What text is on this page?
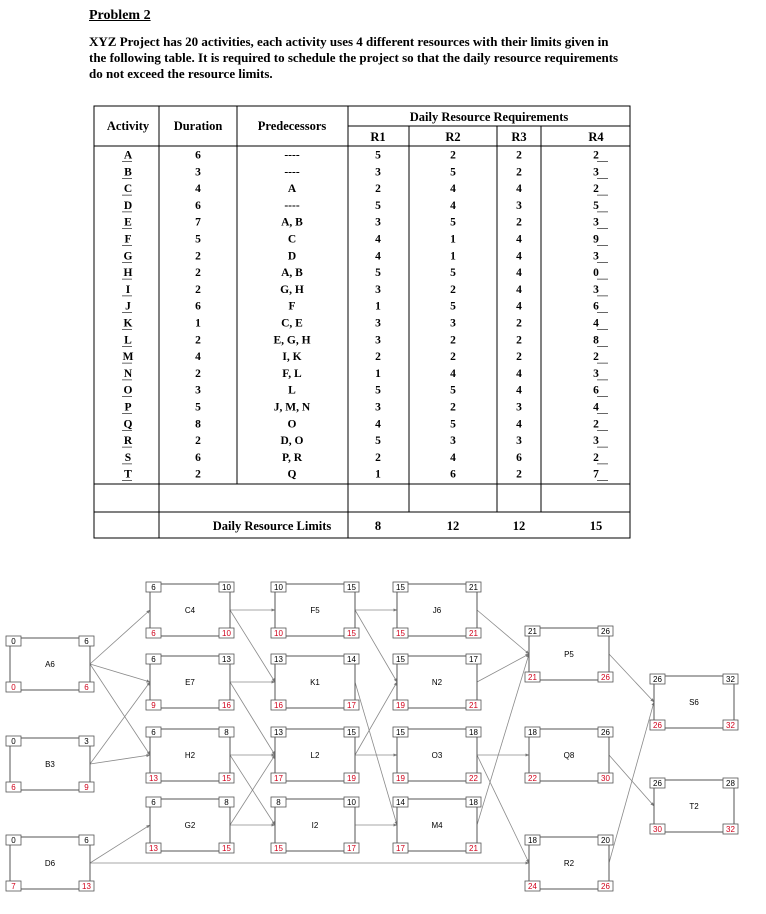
Problem 2

XYZ Project has 20 activities, each activity uses 4 different resources with their limits given in the following table. It is required to schedule the project so that the daily resource requirements do not exceed the resource limits.

Activity Duration	Predecessors
Daily Resource Requirements
R1	R2	R3	R4
A	6	----	5	2	2	2
B	3	----	3	5	2	3
C	4	A	2	4	4	2
D	6	----	5	4	3	5
E	7	A, B	3	5	2	3
F	5	C	4	1	4	9
G	2	D	4	1	4	3
H	2	A, B	5	5	4	0
I	2	G, H	3	2	4	3
J	6	F	1	5	4	6
K	1	C, E	3	3	2	4
L	2	E, G, H	3	2	2	8
M	4	I, K	2	2	2	2
N	2	F, L	1	4	4	3
O	3	L	5	5	4	6
P	5	J, M, N	3	2	3	4
Q	8	O	4	5	4	2
R	2	D, O	5	3	3	3
S	6	P, R	2	4	6	2
T	2	Q	1	6	2	7
Daily Resource Limits	8	12	12	15
0	6
0	6
A6
0	3
6	9
B3
0	6
7	13
D6
6	10
6	10
C4
6	13
9	16
E7
6	8
13	15
H2
6	8
13	15
G2
10	15
10	15
F5
13	14
16	17
K1
13	15
17	19
L2
8	10
15	17
I2
15	21
15	21
J6
15	17
19	21
N2
15	18
19	22
O3
14	18
17	21
M4
21	26
21	26
P5
18	26
22	30
Q8
18	20
24	26
R2
26	32
26	32
S6
26	28
30	32
T2
